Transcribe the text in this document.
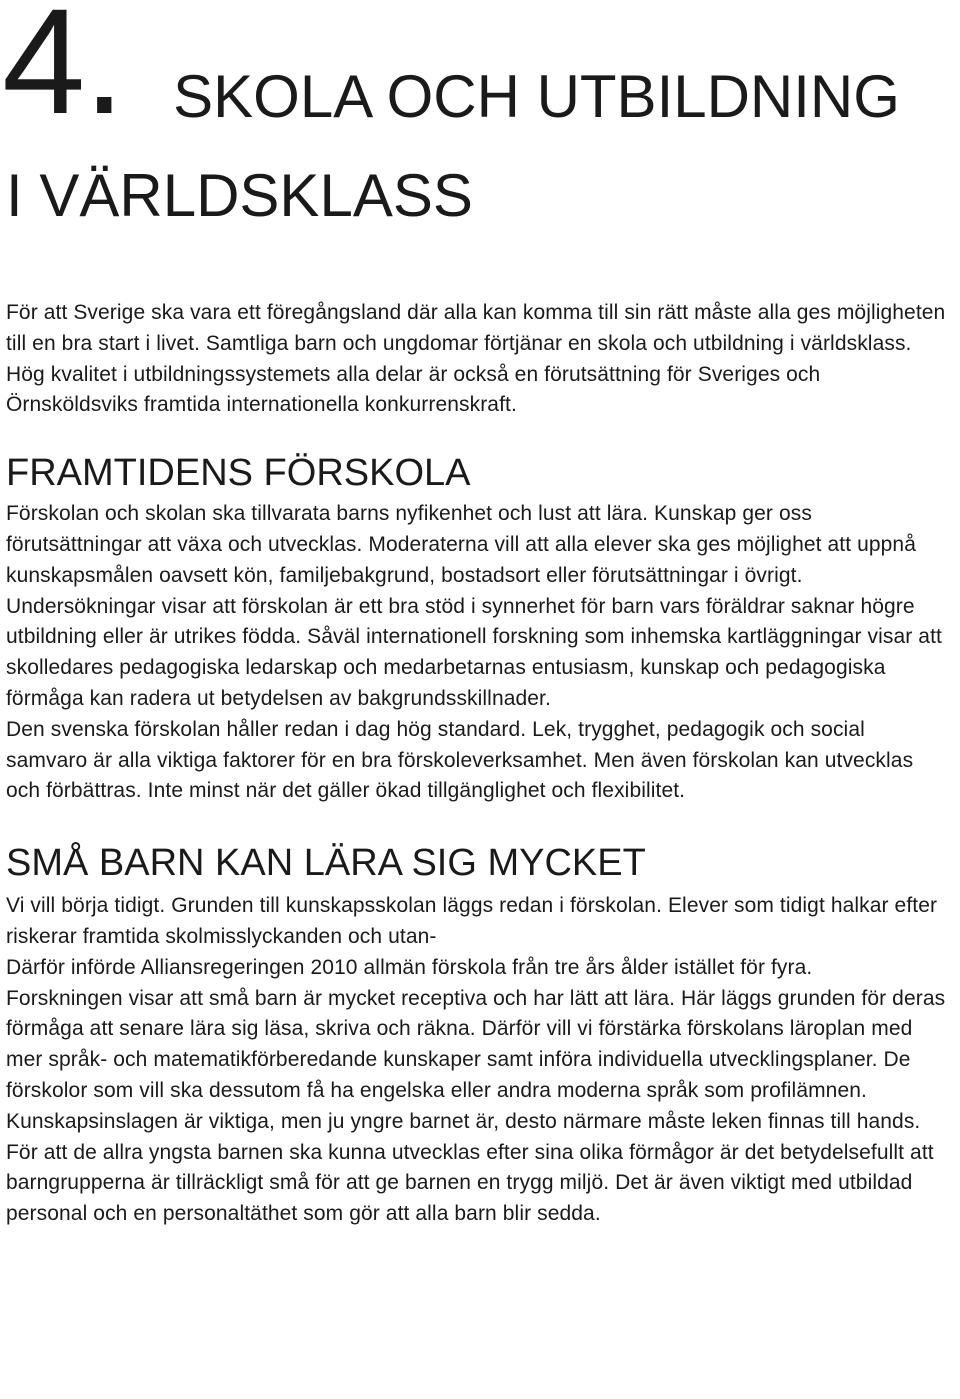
4. SKOLA OCH UTBILDNING
I VÄRLDSKLASS

För att Sverige ska vara ett föregångsland där alla kan komma till sin rätt måste alla ges möjligheten till en bra start i livet. Samtliga barn och ungdomar förtjänar en skola och utbildning i världsklass. Hög kvalitet i utbildningssystemets alla delar är också en förutsättning för Sveriges och Örnsköldsviks framtida internationella konkurrenskraft.

FRAMTIDENS FÖRSKOLA

Förskolan och skolan ska tillvarata barns nyfikenhet och lust att lära. Kunskap ger oss förutsättningar att växa och utvecklas. Moderaterna vill att alla elever ska ges möjlighet att uppnå kunskapsmålen oavsett kön, familjebakgrund, bostadsort eller förutsättningar i övrigt.

Undersökningar visar att förskolan är ett bra stöd i synnerhet för barn vars föräldrar saknar högre utbildning eller är utrikes födda. Såväl internationell forskning som inhemska kartläggningar visar att skolledares pedagogiska ledarskap och medarbetarnas entusiasm, kunskap och pedagogiska förmåga kan radera ut betydelsen av bakgrundsskillnader.

Den svenska förskolan håller redan i dag hög standard. Lek, trygghet, pedagogik och social samvaro är alla viktiga faktorer för en bra förskoleverksamhet. Men även förskolan kan utvecklas och förbättras. Inte minst när det gäller ökad tillgänglighet och flexibilitet.

SMÅ BARN KAN LÄRA SIG MYCKET

Vi vill börja tidigt. Grunden till kunskapsskolan läggs redan i förskolan. Elever som tidigt halkar efter riskerar framtida skolmisslyckanden och utan-

Därför införde Alliansregeringen 2010 allmän förskola från tre års ålder istället för fyra.

Forskningen visar att små barn är mycket receptiva och har lätt att lära. Här läggs grunden för deras förmåga att senare lära sig läsa, skriva och räkna. Därför vill vi förstärka förskolans läroplan med mer språk- och matematikförberedande kunskaper samt införa individuella utvecklingsplaner. De förskolor som vill ska dessutom få ha engelska eller andra moderna språk som profilämnen.

Kunskapsinslagen är viktiga, men ju yngre barnet är, desto närmare måste leken finnas till hands. För att de allra yngsta barnen ska kunna utvecklas efter sina olika förmågor är det betydelsefullt att barngrupperna är tillräckligt små för att ge barnen en trygg miljö. Det är även viktigt med utbildad personal och en personaltäthet som gör att alla barn blir sedda.
